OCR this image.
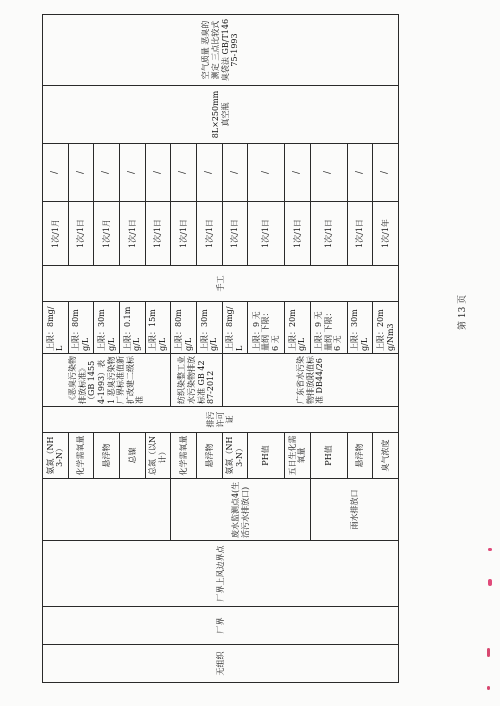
无组织	厂界	厂界上风边界点		氨氮（NH3-N）	排污许可证	《恶臭污染物排放标准》（GB 14554-1993）表1 恶臭污染物厂界标准值新扩改建二级标准	上限：8mg/L	手工	1次/1月	/	8L×250mm 真空瓶	空气质量 恶臭的测定 三点比较式臭袋法 GB/T14675-1993
				化学需氧量			上限：80mg/L		1次/1日	/		
				悬浮物			上限：30mg/L		1次/1月	/		
				总镍			上限：0.1mg/L		1次/1日	/		
				总氮（以N计）			上限：15mg/L		1次/1日	/		
			废水监测点4(生活污水排放口)	化学需氧量		纺织染整工业水污染物排放标准 GB 4287-2012	上限：80mg/L		1次/1日	/		
				悬浮物			上限：30mg/L		1次/1日	/		
				氨氮（NH3-N）		广东省水污染物排放限值标准 DB44/26	上限：8mg/L		1次/1日	/		
				PH值			上限：9 无量纲 下限：6 无		1次/1日	/		
				五日生化需氧量			上限：20mg/L		1次/1日	/		
			雨水排放口	PH值			上限：9 无量纲 下限：6 无		1次/1日	/		
				悬浮物			上限：30mg/L		1次/1日	/		
				臭气浓度			上限：20mg/Nm3		1次/1年	/		
第 13 页
